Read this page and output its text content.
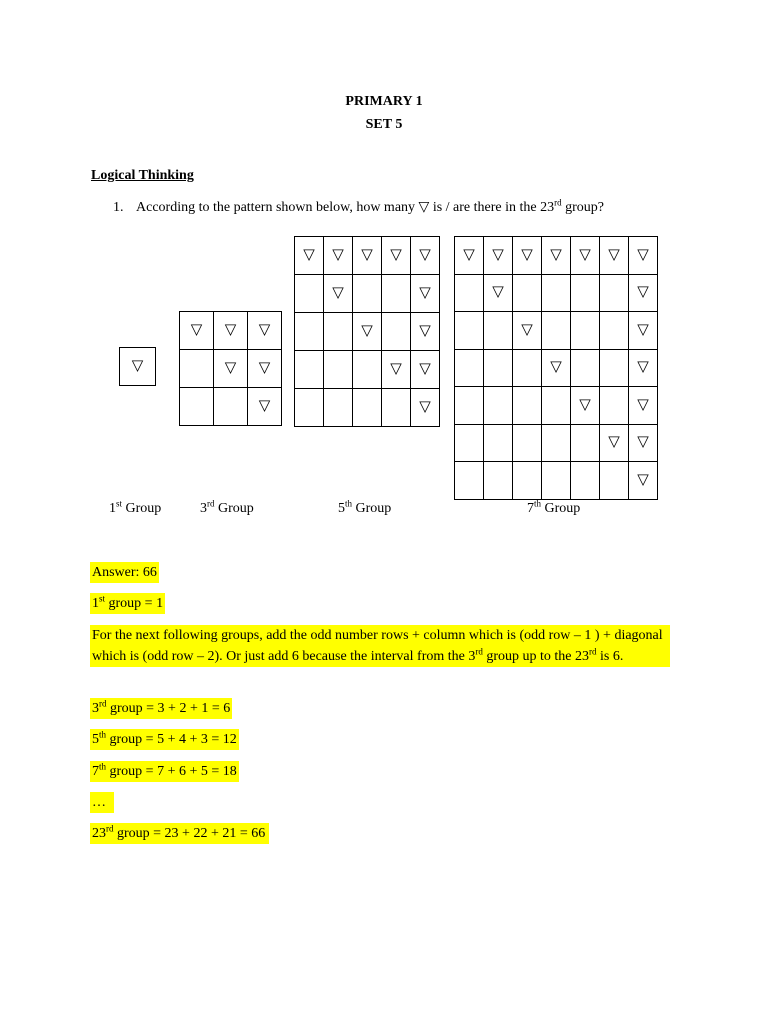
PRIMARY 1
SET 5
Logical Thinking
1. According to the pattern shown below, how many ▽ is / are there in the 23rd group?
▽
▽	▽	▽
▽	▽
▽
▽	▽	▽	▽	▽
▽	▽
▽	▽
▽	▽
▽
▽	▽	▽	▽	▽	▽	▽
▽	▽
▽	▽
▽	▽
▽	▽
▽	▽
▽
1st Group	3rd Group	5th Group	7th Group
Answer: 66
1st group = 1
For the next following groups, add the odd number rows + column which is (odd row – 1 ) + diagonal which is (odd row – 2). Or just add 6 because the interval from the 3rd group up to the 23rd is 6.
3rd group = 3 + 2 + 1 = 6
5th group = 5 + 4 + 3 = 12
7th group = 7 + 6 + 5 = 18
…
23rd group = 23 + 22 + 21 = 66
